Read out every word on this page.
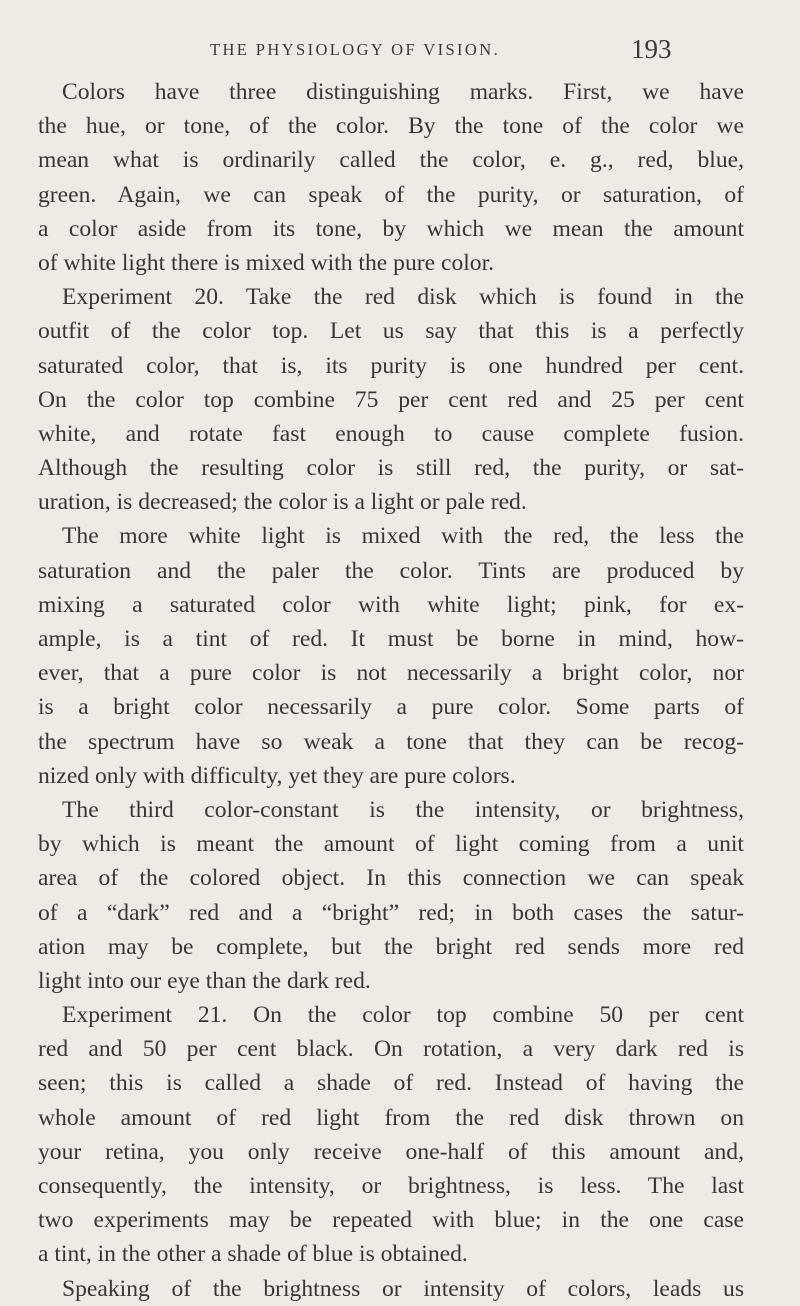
THE PHYSIOLOGY OF VISION.	193
Colors have three distinguishing marks. First, we have
the hue, or tone, of the color. By the tone of the color we
mean what is ordinarily called the color, e. g., red, blue,
green. Again, we can speak of the purity, or saturation, of
a color aside from its tone, by which we mean the amount
of white light there is mixed with the pure color.
Experiment 20. Take the red disk which is found in the
outfit of the color top. Let us say that this is a perfectly
saturated color, that is, its purity is one hundred per cent.
On the color top combine 75 per cent red and 25 per cent
white, and rotate fast enough to cause complete fusion.
Although the resulting color is still red, the purity, or sat-
uration, is decreased; the color is a light or pale red.
The more white light is mixed with the red, the less the
saturation and the paler the color. Tints are produced by
mixing a saturated color with white light; pink, for ex-
ample, is a tint of red. It must be borne in mind, how-
ever, that a pure color is not necessarily a bright color, nor
is a bright color necessarily a pure color. Some parts of
the spectrum have so weak a tone that they can be recog-
nized only with difficulty, yet they are pure colors.
The third color-constant is the intensity, or brightness,
by which is meant the amount of light coming from a unit
area of the colored object. In this connection we can speak
of a “dark” red and a “bright” red; in both cases the satur-
ation may be complete, but the bright red sends more red
light into our eye than the dark red.
Experiment 21. On the color top combine 50 per cent
red and 50 per cent black. On rotation, a very dark red is
seen; this is called a shade of red. Instead of having the
whole amount of red light from the red disk thrown on
your retina, you only receive one-half of this amount and,
consequently, the intensity, or brightness, is less. The last
two experiments may be repeated with blue; in the one case
a tint, in the other a shade of blue is obtained.
Speaking of the brightness or intensity of colors, leads us
